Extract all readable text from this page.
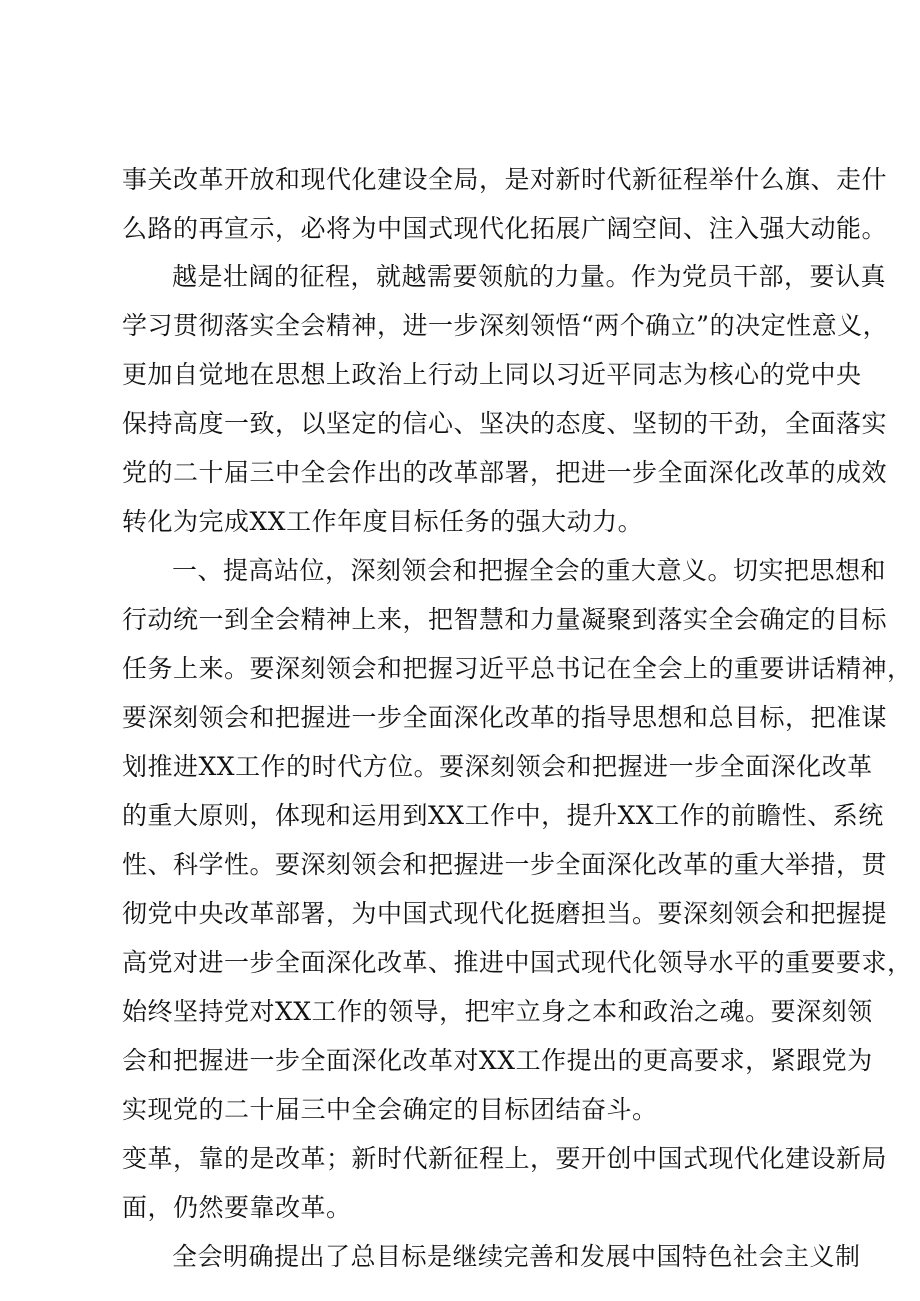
事关改革开放和现代化建设全局，是对新时代新征程举什么旗、走什
么路的再宣示，必将为中国式现代化拓展广阔空间、注入强大动能。
越是壮阔的征程，就越需要领航的力量。作为党员干部，要认真
学习贯彻落实全会精神，进一步深刻领悟“两个确立”的决定性意义，
更加自觉地在思想上政治上行动上同以习近平同志为核心的党中央
保持高度一致，以坚定的信心、坚决的态度、坚韧的干劲，全面落实
党的二十届三中全会作出的改革部署，把进一步全面深化改革的成效
转化为完成XX工作年度目标任务的强大动力。
一、提高站位，深刻领会和把握全会的重大意义。切实把思想和
行动统一到全会精神上来，把智慧和力量凝聚到落实全会确定的目标
任务上来。要深刻领会和把握习近平总书记在全会上的重要讲话精神，
要深刻领会和把握进一步全面深化改革的指导思想和总目标，把准谋
划推进XX工作的时代方位。要深刻领会和把握进一步全面深化改革
的重大原则，体现和运用到XX工作中，提升XX工作的前瞻性、系统
性、科学性。要深刻领会和把握进一步全面深化改革的重大举措，贯
彻党中央改革部署，为中国式现代化挺磨担当。要深刻领会和把握提
高党对进一步全面深化改革、推进中国式现代化领导水平的重要要求，
始终坚持党对XX工作的领导，把牢立身之本和政治之魂。要深刻领
会和把握进一步全面深化改革对XX工作提出的更高要求，紧跟党为
实现党的二十届三中全会确定的目标团结奋斗。
变革，靠的是改革；新时代新征程上，要开创中国式现代化建设新局
面，仍然要靠改革。
全会明确提出了总目标是继续完善和发展中国特色社会主义制
